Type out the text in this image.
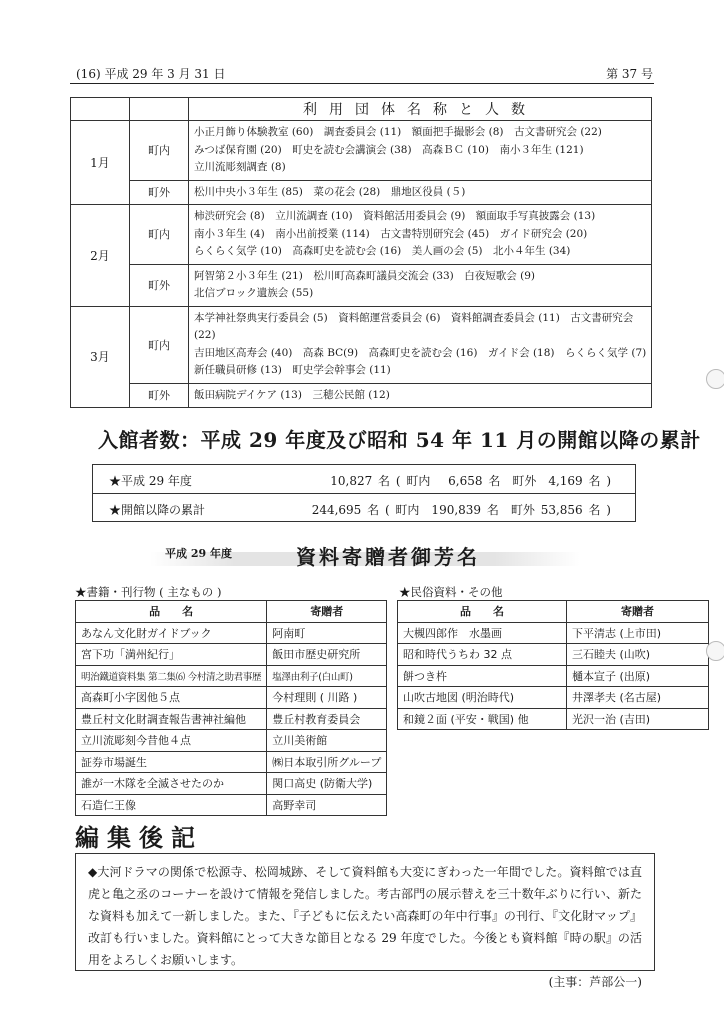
(16) 平成 29 年 3 月 31 日	第 37 号
		利用団体名称と人数
1月	町内	小正月飾り体験教室 (60)　調査委員会 (11)　額面把手撮影会 (8)　古文書研究会 (22)
みつば保育園 (20)　町史を読む会講演会 (38)　高森ＢＣ (10)　南小３年生 (121)
立川流彫刻調査 (8)
	町外	松川中央小３年生 (85)　菜の花会 (28)　鼎地区役員 (５)
2月	町内	柿渋研究会 (8)　立川流調査 (10)　資料館活用委員会 (9)　額面取手写真披露会 (13)
南小３年生 (4)　南小出前授業 (114)　古文書特別研究会 (45)　ガイド研究会 (20)
らくらく気学 (10)　高森町史を読む会 (16)　美人画の会 (5)　北小４年生 (34)
	町外	阿智第２小３年生 (21)　松川町高森町議員交流会 (33)　白夜短歌会 (9)
北信ブロック遺族会 (55)
3月	町内	本学神社祭典実行委員会 (5)　資料館運営委員会 (6)　資料館調査委員会 (11)　古文書研究会 (22)
吉田地区高寿会 (40)　高森 BC(9)　高森町史を読む会 (16)　ガイド会 (18)　らくらく気学 (7)
新任職員研修 (13)　町史学会幹事会 (11)
	町外	飯田病院デイケア (13)　三穂公民館 (12)
入館者数：平成 29 年度及び昭和 54 年 11 月の開館以降の累計
★平成 29 年度	10,827 名 ( 町内　 6,658 名　町外　4,169 名 )
★開館以降の累計	244,695 名 ( 町内　190,839 名　町外 53,856 名 )
平成 29 年度	資料寄贈者御芳名
★書籍・刊行物 ( 主なもの )	★民俗資料・その他
品　　名	寄贈者
あなん文化財ガイドブック	阿南町
宮下功「満州紀行」	飯田市歴史研究所
明治鐵道資料集 第二集⑹ 今村清之助君事歴	塩澤由利子(白山町)
高森町小字図他５点	今村理則 ( 川路 )
豊丘村文化財調査報告書神社編他	豊丘村教育委員会
立川流彫刻今昔他４点	立川美術館
証券市場誕生	㈱日本取引所グループ
誰が一木隊を全滅させたのか	関口高史 (防衛大学)
石造仁王像	高野幸司
品　　名	寄贈者
大槻四郎作　水墨画	下平清志 (上市田)
昭和時代うちわ 32 点	三石睦夫 (山吹)
餅つき杵	樋本宣子 (出原)
山吹古地図 (明治時代)	井澤孝夫 (名古屋)
和鏡２面 (平安・戦国) 他	光沢一治 (吉田)
編集後記
◆大河ドラマの関係で松源寺、松岡城跡、そして資料館も大変にぎわった一年間でした。資料館では直虎と亀之丞のコーナーを設けて情報を発信しました。考古部門の展示替えを三十数年ぶりに行い、新たな資料も加えて一新しました。また、『子どもに伝えたい高森町の年中行事』の刊行、『文化財マップ』改訂も行いました。資料館にとって大きな節目となる 29 年度でした。今後とも資料館『時の駅』の活用をよろしくお願いします。
(主事：芦部公一)
